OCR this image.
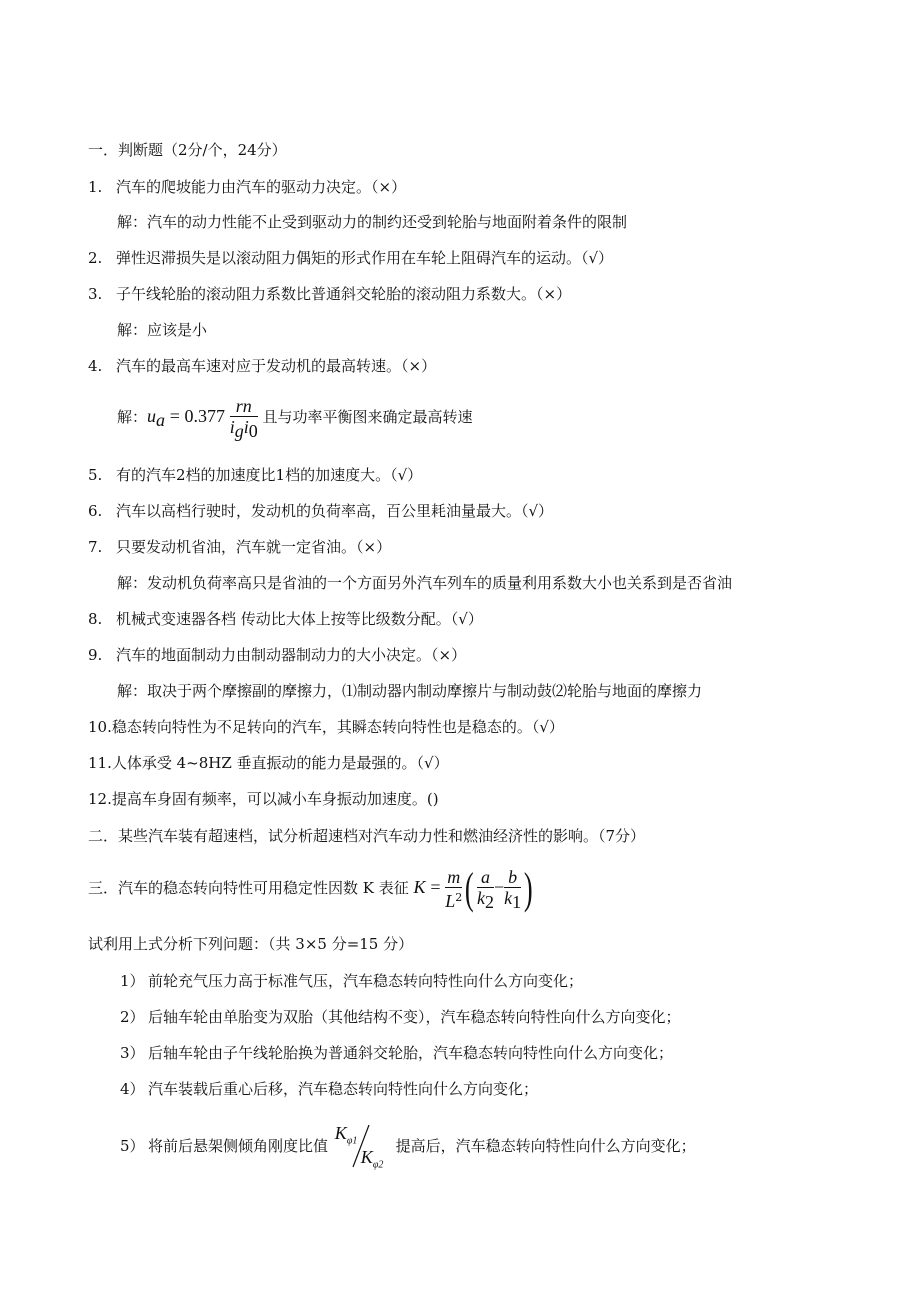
一．判断题（2分/个，24分）
1. 汽车的爬坡能力由汽车的驱动力决定。（×）
解：汽车的动力性能不止受到驱动力的制约还受到轮胎与地面附着条件的限制
2. 弹性迟滞损失是以滚动阻力偶矩的形式作用在车轮上阻碍汽车的运动。（√）
3. 子午线轮胎的滚动阻力系数比普通斜交轮胎的滚动阻力系数大。（×）
解：应该是小
4. 汽车的最高车速对应于发动机的最高转速。（×）
解：$u_a = 0.377 \frac{rn}{i_gi_0}$ 且与功率平衡图来确定最高转速
5. 有的汽车2档的加速度比1档的加速度大。（√）
6. 汽车以高档行驶时，发动机的负荷率高，百公里耗油量最大。（√）
7. 只要发动机省油，汽车就一定省油。（×）
解：发动机负荷率高只是省油的一个方面另外汽车列车的质量利用系数大小也关系到是否省油
8. 机械式变速器各档 传动比大体上按等比级数分配。（√）
9. 汽车的地面制动力由制动器制动力的大小决定。（×）
解：取决于两个摩擦副的摩擦力，⑴制动器内制动摩擦片与制动鼓⑵轮胎与地面的摩擦力
10.稳态转向特性为不足转向的汽车，其瞬态转向特性也是稳态的。（√）
11.人体承受 4~8HZ 垂直振动的能力是最强的。（√）
12.提高车身固有频率，可以减小车身振动加速度。()
二．某些汽车装有超速档，试分析超速档对汽车动力性和燃油经济性的影响。（7分）
三．汽车的稳态转向特性可用稳定性因数 K 表征 $K = \frac{m}{L^2}$ ( $\frac{a}{k_2} - \frac{b}{k_1}$ )
试利用上式分析下列问题：（共 3×5 分=15 分）
1） 前轮充气压力高于标准气压，汽车稳态转向特性向什么方向变化；
2） 后轴车轮由单胎变为双胎（其他结构不变），汽车稳态转向特性向什么方向变化；
3） 后轴车轮由子午线轮胎换为普通斜交轮胎，汽车稳态转向特性向什么方向变化；
4） 汽车装载后重心后移，汽车稳态转向特性向什么方向变化；
5） 将前后悬架侧倾角刚度比值
$K_{\varphi 1}$
$K_{\varphi 2}$
提高后，汽车稳态转向特性向什么方向变化；
